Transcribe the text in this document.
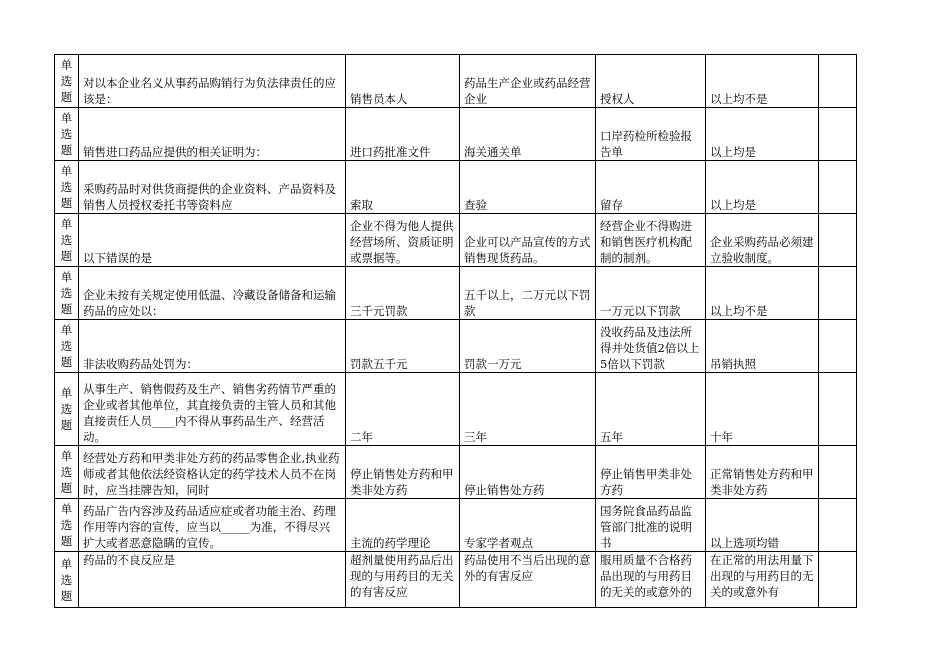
单
选
题	对以本企业名义从事药品购销行为负法律责任的应该是：	销售员本人	药品生产企业或药品经营企业	授权人	以上均不是	

单
选
题	销售进口药品应提供的相关证明为：	进口药批准文件	海关通关单	口岸药检所检验报告单	以上均是	

单
选
题	采购药品时对供货商提供的企业资料、产品资料及销售人员授权委托书等资料应	索取	查验	留存	以上均是	

单
选
题	以下错误的是	企业不得为他人提供经营场所、资质证明或票据等。	企业可以产品宣传的方式销售现货药品。	经营企业不得购进和销售医疗机构配制的制剂。	企业采购药品必须建立验收制度。	

单
选
题	企业未按有关规定使用低温、冷藏设备储备和运输药品的应处以：	三千元罚款	五千以上，二万元以下罚款	一万元以下罚款	以上均不是	

单
选
题	非法收购药品处罚为：	罚款五千元	罚款一万元	没收药品及违法所得并处货值2倍以上5倍以下罚款	吊销执照	

单
选
题	从事生产、销售假药及生产、销售劣药情节严重的企业或者其他单位，其直接负责的主管人员和其他直接责任人员____内不得从事药品生产、经营活动。	二年	三年	五年	十年	

单
选
题	经营处方药和甲类非处方药的药品零售企业,执业药师或者其他依法经资格认定的药学技术人员不在岗时，应当挂牌告知，同时	停止销售处方药和甲类非处方药	停止销售处方药	停止销售甲类非处方药	正常销售处方药和甲类非处方药	

单
选
题	药品广告内容涉及药品适应症或者功能主治、药理作用等内容的宣传，应当以_____为准，不得尽兴扩大或者恶意隐瞒的宣传。	主流的药学理论	专家学者观点	国务院食品药品监管部门批准的说明书	以上选项均错	

单
选
题	药品的不良反应是	超剂量使用药品后出现的与用药目的无关的有害反应	药品使用不当后出现的意外的有害反应	服用质量不合格药品出现的与用药目的无关的或意外的	在正常的用法用量下出现的与用药目的无关的或意外有	
